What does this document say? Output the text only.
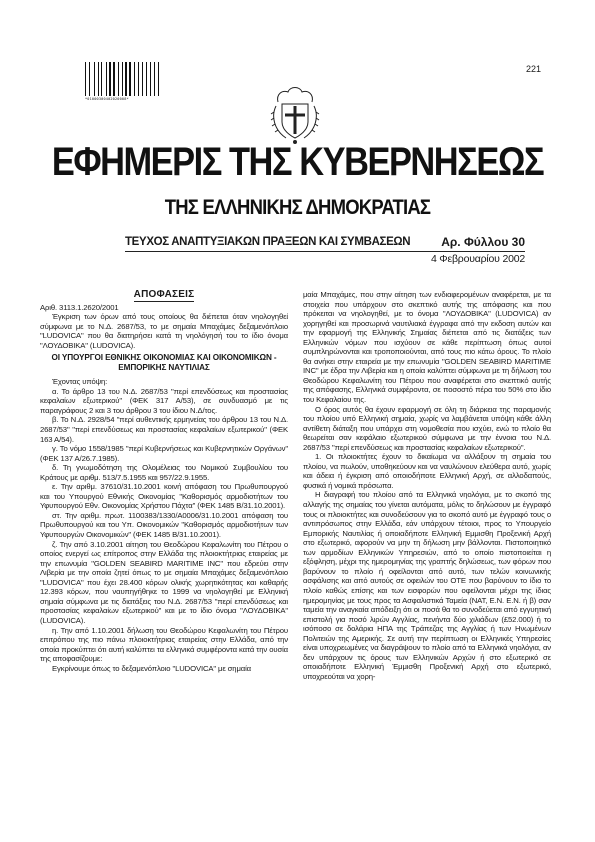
*01000300402020008*
221
ΕΦΗΜΕΡΙΣ ΤΗΣ ΚΥΒΕΡΝΗΣΕΩΣ
ΤΗΣ ΕΛΛΗΝΙΚΗΣ ΔΗΜΟΚΡΑΤΙΑΣ
ΤΕΥΧΟΣ ΑΝΑΠΤΥΞΙΑΚΩΝ ΠΡΑΞΕΩΝ ΚΑΙ ΣΥΜΒΑΣΕΩΝ	Αρ. Φύλλου 30
4 Φεβρουαρίου 2002
ΑΠΟΦΑΣΕΙΣ

Αριθ. 3113.1.2620/2001

Έγκριση των όρων από τους οποίους θα διέπεται όταν νηολογηθεί σύμφωνα με το Ν.Δ. 2687/53, το με σημαία Μπαχάμες δεξαμενόπλοιο "LUDOVICA" που θα διατηρήσει κατά τη νηολόγησή του το ίδιο όνομα "ΛΟΥΔΟΒΙΚΑ" (LUDOVICA).

ΟΙ ΥΠΟΥΡΓΟΙ ΕΘΝΙΚΗΣ ΟΙΚΟΝΟΜΙΑΣ ΚΑΙ ΟΙΚΟΝΟΜΙΚΩΝ - ΕΜΠΟΡΙΚΗΣ ΝΑΥΤΙΛΙΑΣ

Έχοντας υπόψη:

α. Το άρθρο 13 του Ν.Δ. 2687/53 "περί επενδύσεως και προστασίας κεφαλαίων εξωτερικού" (ΦΕΚ 317 Α/53), σε συνδυασμό με τις παραγράφους 2 και 3 του άρθρου 3 του ίδιου Ν.Δ/τος.

β. Το Ν.Δ. 2928/54 "περί αυθεντικής ερμηνείας του άρθρου 13 του Ν.Δ. 2687/53" "περί επενδύσεως και προστασίας κεφαλαίων εξωτερικού" (ΦΕΚ 163 Α/54).

γ. Το νόμο 1558/1985 "περί Κυβερνήσεως και Κυβερνητικών Οργάνων" (ΦΕΚ 137 Α/26.7.1985).

δ. Τη γνωμοδότηση της Ολομέλειας του Νομικού Συμβουλίου του Κράτους με αριθμ. 513/7.5.1955 και 957/22.9.1955.

ε. Την αριθμ. 37610/31.10.2001 κοινή απόφαση του Πρωθυπουργού και του Υπουργού Εθνικής Οικονομίας "Καθορισμός αρμοδιοτήτων του Υφυπουργού Εθν. Οικονομίας Χρήστου Πάχτα" (ΦΕΚ 1485 Β/31.10.2001).

στ. Την αριθμ. πρωτ. 1100383/1330/Α0006/31.10.2001 απόφαση του Πρωθυπουργού και του Υπ. Οικονομικών "Καθορισμός αρμοδιοτήτων των Υφυπουργών Οικονομικών" (ΦΕΚ 1485 Β/31.10.2001).

ζ. Την από 3.10.2001 αίτηση του Θεοδώρου Κεφαλωνίτη του Πέτρου ο οποίος ενεργεί ως επίτροπος στην Ελλάδα της πλοιοκτήτριας εταιρείας με την επωνυμία "GOLDEN SEABIRD MARITIME INC" που εδρεύει στην Λιβερία με την οποία ζητεί όπως το με σημαία Μπαχάμες δεξαμενόπλοιο "LUDOVICA" που έχει 28.400 κόρων ολικής χωρητικότητας και καθαρής 12.393 κόρων, που ναυπηγήθηκε το 1999 να νηολογηθεί με Ελληνική σημαία σύμφωνα με τις διατάξεις του Ν.Δ. 2687/53 "περί επενδύσεως και προστασίας κεφαλαίων εξωτερικού" και με το ίδιο όνομα "ΛΟΥΔΟΒΙΚΑ" (LUDOVICA).

η. Την από 1.10.2001 δήλωση του Θεοδώρου Κεφαλωνίτη του Πέτρου επιτρόπου της πιο πάνω πλοιοκτήτριας εταιρείας στην Ελλάδα, από την οποία προκύπτει ότι αυτή καλύπτει τα ελληνικά συμφέροντα κατά την ουσία της αποφασίζουμε:

Εγκρίνουμε όπως το δεξαμενόπλοιο "LUDOVICA" με σημαία

μαία Μπαχάμες, που στην αίτηση των ενδιαφερομένων αναφέρεται, με τα στοιχεία που υπάρχουν στο σκεπτικό αυτής της απόφασης και που πρόκειται να νηολογηθεί, με το όνομα "ΛΟΥΔΟΒΙΚΑ" (LUDOVICA) αν χορηγηθεί και προσωρινά ναυτιλιακά έγγραφα από την εκδοση αυτών και την εφαρμογή της Ελληνικής Σημαίας διέπεται από τις διατάξεις των Ελληνικών νόμων που ισχύουν σε κάθε περίπτωση όπως αυτοί συμπληρώνονται και τροποποιούνται, από τους πιο κάτω όρους. Το πλοίο θα ανήκει στην εταιρεία με την επωνυμία "GOLDEN SEABIRD MARITIME INC" με έδρα την Λιβερία και η οποία καλύπτει σύμφωνα με τη δήλωση του Θεοδώρου Κεφαλωνίτη του Πέτρου που αναφέρεται στο σκεπτικό αυτής της απόφασης, Ελληνικά συμφέροντα, σε ποσοστό πέρα του 50% στο ίδιο του Κεφαλαίου της.

Ο όρος αυτός θα έχουν εφαρμογή σε όλη τη διάρκεια της παραμονής του πλοίου υπό Ελληνική σημαία, χωρίς να λαμβάνεται υπόψη κάθε άλλη αντίθετη διάταξη που υπάρχει στη νομοθεσία που ισχύει, ενώ το πλοίο θα θεωρείται σαν κεφάλαιο εξωτερικού σύμφωνα με την έννοια του Ν.Δ. 2687/53 "περί επενδύσεως και προστασίας κεφαλαίων εξωτερικού".

1. Οι πλοιοκτήτες έχουν το δικαίωμα να αλλάξουν τη σημαία του πλοίου, να πωλούν, υποθηκεύουν και να ναυλώνουν ελεύθερα αυτό, χωρίς και άδεια ή έγκριση από οποιοδήποτε Ελληνική Αρχή, σε αλλοδαπούς, φυσικά ή νομικά πρόσωπα.

Η διαγραφή του πλοίου από τα Ελληνικά νηολόγια, με το σκοπό της αλλαγής της σημαίας του γίνεται αυτόματα, μόλις το δηλώσουν με έγγραφό τους οι πλοιοκτήτες και συνοδεύσουν για το σκοπό αυτό με έγγραφό τους ο αντιπρόσωπος στην Ελλάδα, εάν υπάρχουν τέτοιοι, προς το Υπουργείο Εμπορικής Ναυτιλίας ή οποιαδήποτε Ελληνική Εμμισθη Προξενική Αρχή στο εξωτερικό, αφορούν να μην τη δήλωση μην βάλλονται. Πιστοποιητικό των αρμοδίων Ελληνικών Υπηρεσιών, από το οποίο πιστοποιείται η εξόφληση, μέχρι της ημερομηνίας της γραπτής δηλώσεως, των φόρων που βαρύνουν το πλοίο ή οφείλονται από αυτό, των τελών κοινωνικής ασφάλισης και από αυτούς σε οφειλών του ΟΤΕ που βαρύνουν το ίδιο το πλοίο καθώς επίσης και των εισφορών που οφείλονται μέχρι της ίδιας ημερομηνίας με τους προς τα Ασφαλιστικά Ταμεία (ΝΑΤ, Ε.Ν. Ε.Ν. ή β) σαν ταμεία την αναγκαία απόδειξη ότι οι ποσά θα το συνοδεύεται από εγγυητική επιστολή για ποσό λιρών Αγγλίας, πενήντα δύο χιλιάδων (£52.000) ή το ισόποσο σε δολάρια ΗΠΑ της Τράπεζας της Αγγλίας ή των Ηνωμένων Πολιτειών της Αμερικής. Σε αυτή την περίπτωση οι Ελληνικές Υπηρεσίες είναι υποχρεωμένες να διαγράψουν το πλοίο από τα Ελληνικά νηολόγια, αν δεν υπάρχουν τις όρους των Ελληνικών Αρχών ή στο εξωτερικό σε οποιαδήποτε Ελληνική Έμμισθη Προξενική Αρχή στο εξωτερικό, υποχρεούται να χορη-
